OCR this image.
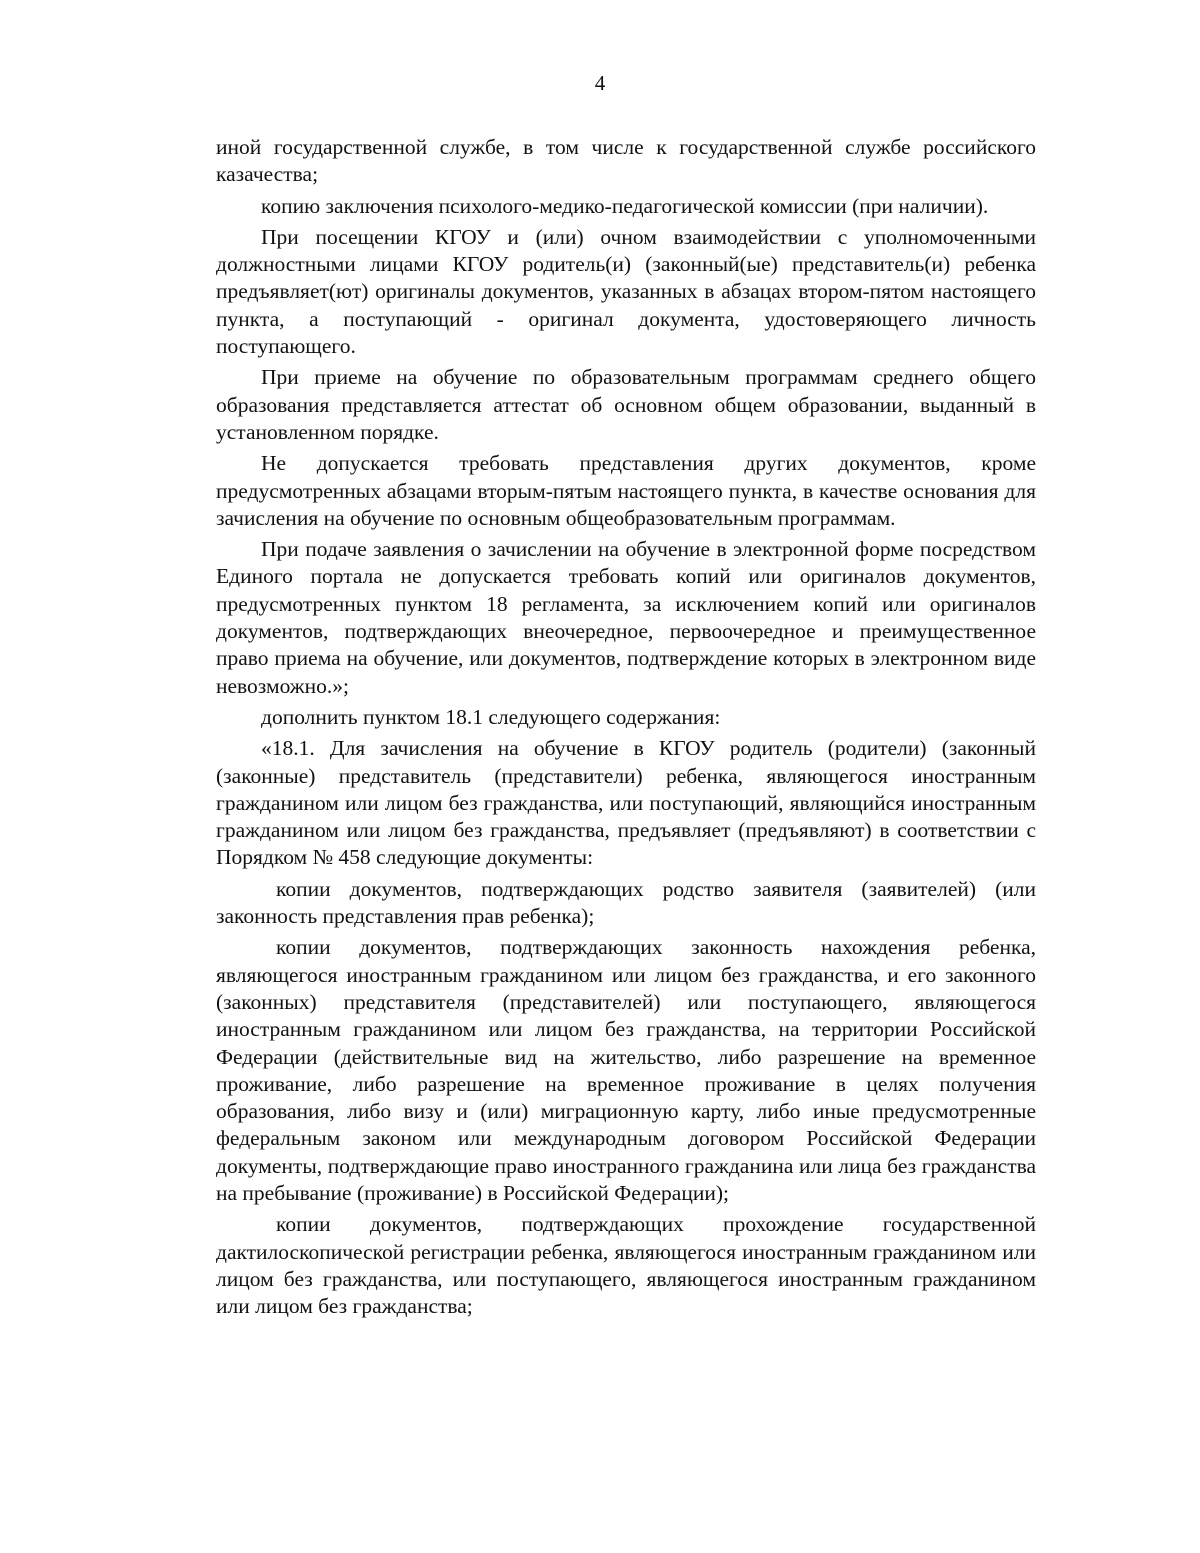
4

иной государственной службе, в том числе к государственной службе российского казачества;

копию заключения психолого-медико-педагогической комиссии (при наличии).

При посещении КГОУ и (или) очном взаимодействии с уполномоченными должностными лицами КГОУ родитель(и) (законный(ые) представитель(и) ребенка предъявляет(ют) оригиналы документов, указанных в абзацах втором-пятом настоящего пункта, а поступающий - оригинал документа, удостоверяющего личность поступающего.

При приеме на обучение по образовательным программам среднего общего образования представляется аттестат об основном общем образовании, выданный в установленном порядке.

Не допускается требовать представления других документов, кроме предусмотренных абзацами вторым-пятым настоящего пункта, в качестве основания для зачисления на обучение по основным общеобразовательным программам.

При подаче заявления о зачислении на обучение в электронной форме посредством Единого портала не допускается требовать копий или оригиналов документов, предусмотренных пунктом 18 регламента, за исключением копий или оригиналов документов, подтверждающих внеочередное, первоочередное и преимущественное право приема на обучение, или документов, подтверждение которых в электронном виде невозможно.»;

дополнить пунктом 18.1 следующего содержания:

«18.1. Для зачисления на обучение в КГОУ родитель (родители) (законный (законные) представитель (представители) ребенка, являющегося иностранным гражданином или лицом без гражданства, или поступающий, являющийся иностранным гражданином или лицом без гражданства, предъявляет (предъявляют) в соответствии с Порядком № 458 следующие документы:

копии документов, подтверждающих родство заявителя (заявителей) (или законность представления прав ребенка);

копии документов, подтверждающих законность нахождения ребенка, являющегося иностранным гражданином или лицом без гражданства, и его законного (законных) представителя (представителей) или поступающего, являющегося иностранным гражданином или лицом без гражданства, на территории Российской Федерации (действительные вид на жительство, либо разрешение на временное проживание, либо разрешение на временное проживание в целях получения образования, либо визу и (или) миграционную карту, либо иные предусмотренные федеральным законом или международным договором Российской Федерации документы, подтверждающие право иностранного гражданина или лица без гражданства на пребывание (проживание) в Российской Федерации);

копии документов, подтверждающих прохождение государственной дактилоскопической регистрации ребенка, являющегося иностранным гражданином или лицом без гражданства, или поступающего, являющегося иностранным гражданином или лицом без гражданства;
